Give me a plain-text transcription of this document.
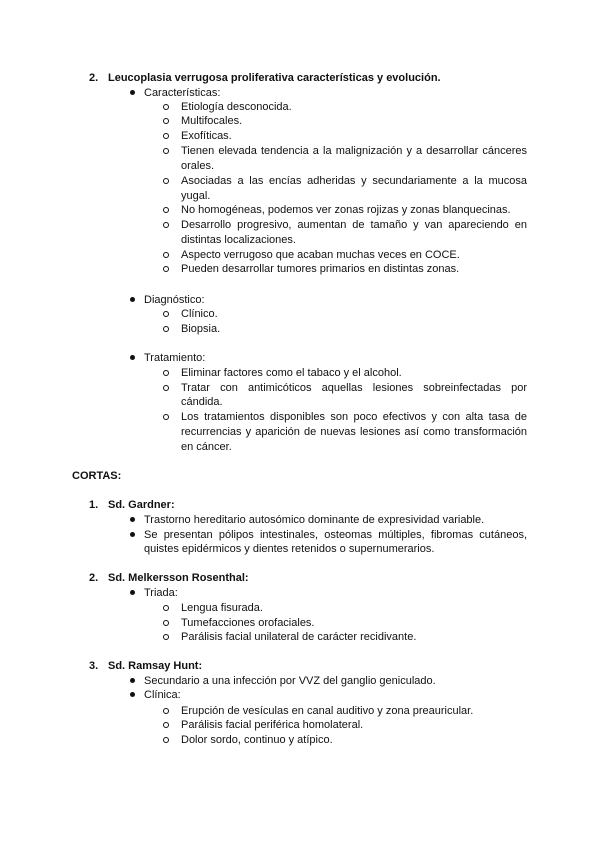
2. Leucoplasia verrugosa proliferativa características y evolución.
Características:
Etiología desconocida.
Multifocales.
Exofíticas.
Tienen elevada tendencia a la malignización y a desarrollar cánceres
orales.
Asociadas a las encías adheridas y secundariamente a la mucosa
yugal.
No homogéneas, podemos ver zonas rojizas y zonas blanquecinas.
Desarrollo progresivo, aumentan de tamaño y van apareciendo en
distintas localizaciones.
Aspecto verrugoso que acaban muchas veces en COCE.
Pueden desarrollar tumores primarios en distintas zonas.
Diagnóstico:
Clínico.
Biopsia.
Tratamiento:
Eliminar factores como el tabaco y el alcohol.
Tratar con antimicóticos aquellas lesiones sobreinfectadas por
cándida.
Los tratamientos disponibles son poco efectivos y con alta tasa de
recurrencias y aparición de nuevas lesiones así como transformación
en cáncer.
CORTAS:
1. Sd. Gardner:
Trastorno hereditario autosómico dominante de expresividad variable.
Se presentan pólipos intestinales, osteomas múltiples, fibromas cutáneos,
quistes epidérmicos y dientes retenidos o supernumerarios.
2. Sd. Melkersson Rosenthal:
Triada:
Lengua fisurada.
Tumefacciones orofaciales.
Parálisis facial unilateral de carácter recidivante.
3. Sd. Ramsay Hunt:
Secundario a una infección por VVZ del ganglio geniculado.
Clínica:
Erupción de vesículas en canal auditivo y zona preauricular.
Parálisis facial periférica homolateral.
Dolor sordo, continuo y atípico.
